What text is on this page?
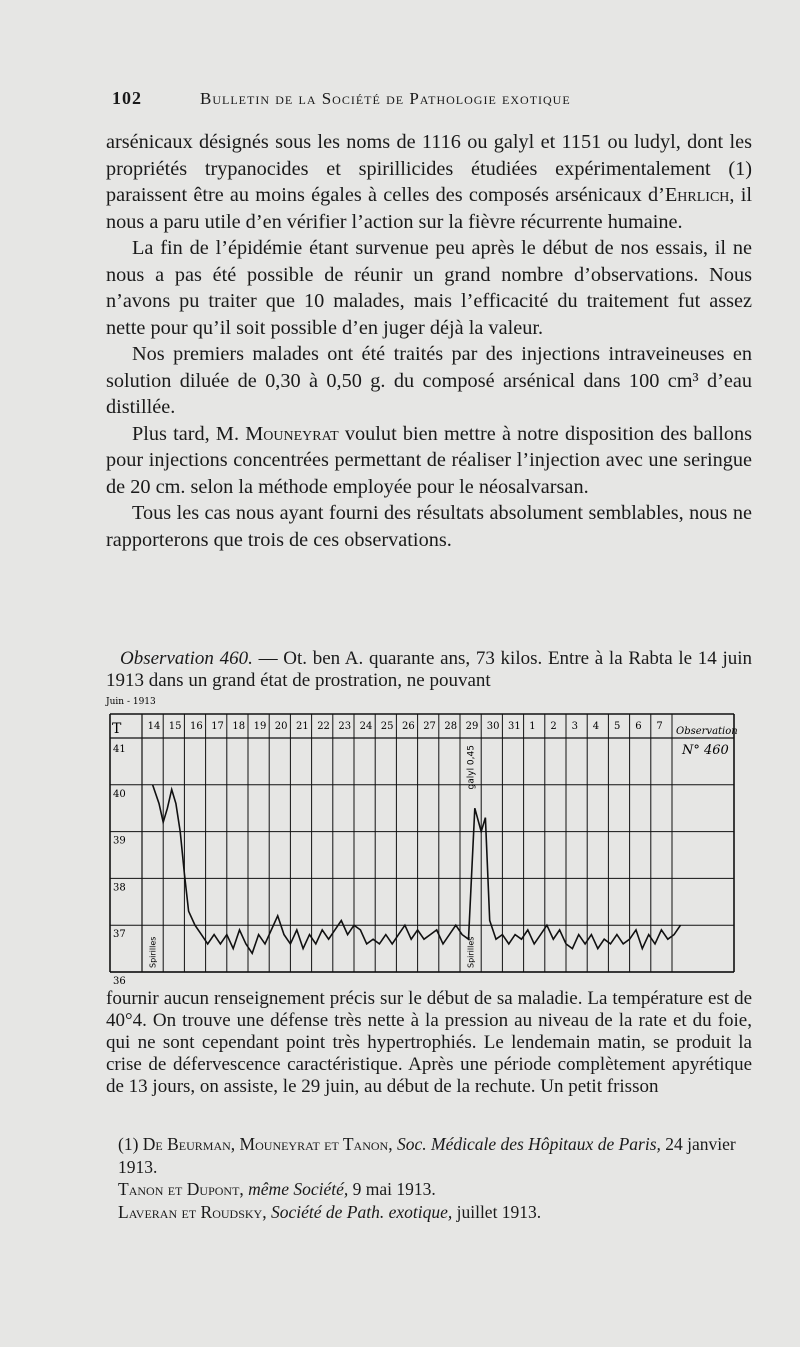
102	Bulletin de la Société de Pathologie exotique

arsénicaux désignés sous les noms de 1116 ou galyl et 1151 ou ludyl, dont les propriétés trypanocides et spirillicides étudiées expérimentalement (1) paraissent être au moins égales à celles des composés arsénicaux d’Ehrlich, il nous a paru utile d’en vérifier l’action sur la fièvre récurrente humaine.

La fin de l’épidémie étant survenue peu après le début de nos essais, il ne nous a pas été possible de réunir un grand nombre d’observations. Nous n’avons pu traiter que 10 malades, mais l’efficacité du traitement fut assez nette pour qu’il soit possible d’en juger déjà la valeur.

Nos premiers malades ont été traités par des injections intraveineuses en solution diluée de 0,30 à 0,50 g. du composé arsénical dans 100 cm³ d’eau distillée.

Plus tard, M. Mouneyrat voulut bien mettre à notre disposition des ballons pour injections concentrées permettant de réaliser l’injection avec une seringue de 20 cm. selon la méthode employée pour le néosalvarsan.

Tous les cas nous ayant fourni des résultats absolument semblables, nous ne rapporterons que trois de ces observations.

Observation 460. — Ot. ben A. quarante ans, 73 kilos. Entre à la Rabta le 14 juin 1913 dans un grand état de prostration, ne pouvant
Juin - 1913
41
40
39
38
37
36
14 15 16 17 18 19 20 21 22 23 24 25 26 27 28 29 30 31 1 2 3 4 5 6 7
T	Observation
N° 460
galyl 0,45
Spirilles	Spirilles
fournir aucun renseignement précis sur le début de sa maladie. La température est de 40°4. On trouve une défense très nette à la pression au niveau de la rate et du foie, qui ne sont cependant point très hypertrophiés. Le lendemain matin, se produit la crise de défervescence caractéristique. Après une période complètement apyrétique de 13 jours, on assiste, le 29 juin, au début de la rechute. Un petit frisson

(1) De Beurman, Mouneyrat et Tanon, Soc. Médicale des Hôpitaux de Paris, 24 janvier 1913.

Tanon et Dupont, même Société, 9 mai 1913.

Laveran et Roudsky, Société de Path. exotique, juillet 1913.
